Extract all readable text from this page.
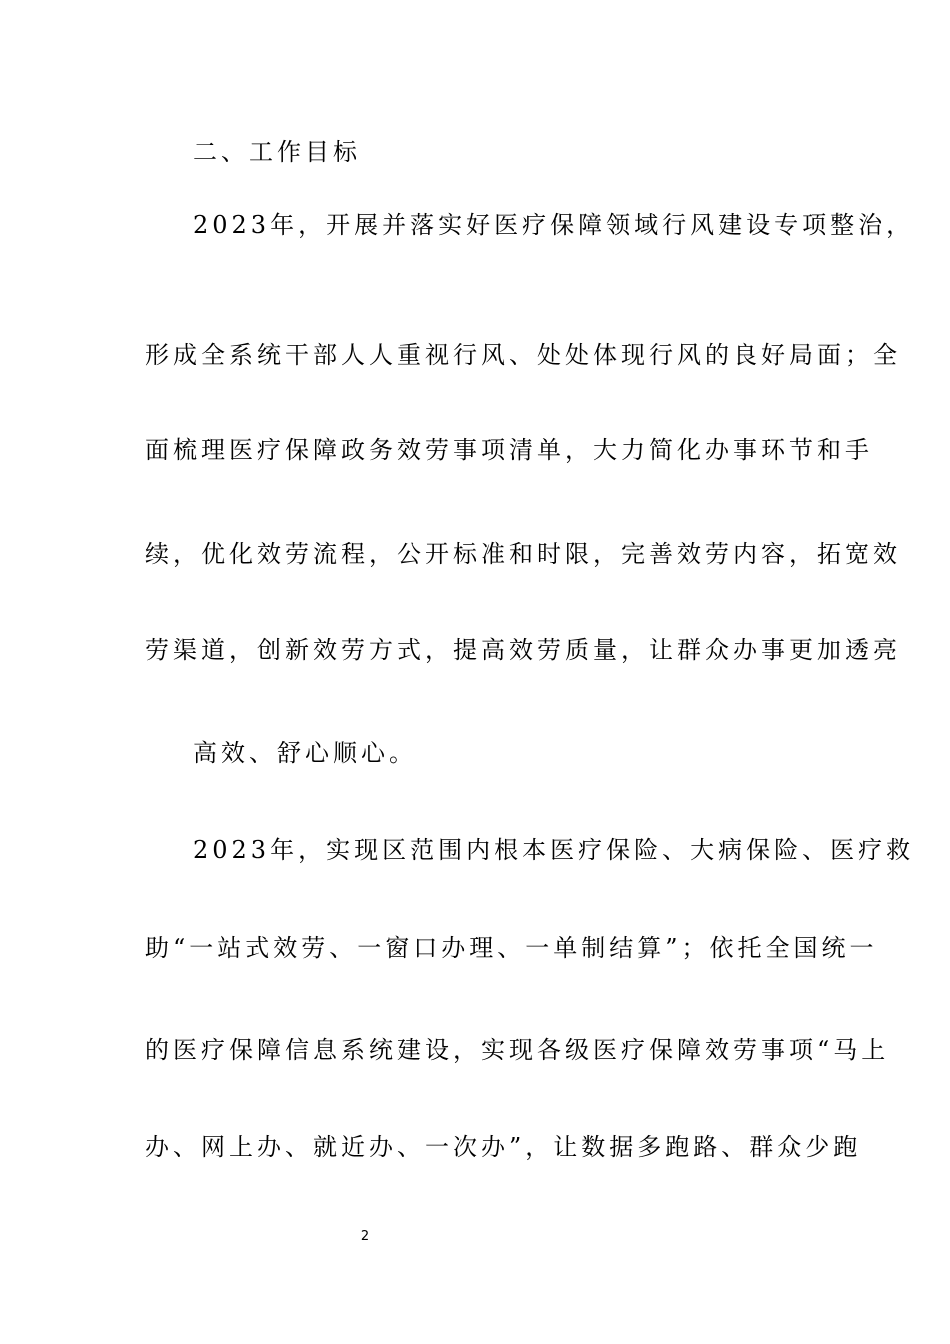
二、工作目标

2023年，开展并落实好医疗保障领域行风建设专项整治，

形成全系统干部人人重视行风、处处体现行风的良好局面；全

面梳理医疗保障政务效劳事项清单，大力简化办事环节和手

续，优化效劳流程，公开标准和时限，完善效劳内容，拓宽效

劳渠道，创新效劳方式，提高效劳质量，让群众办事更加透亮

高效、舒心顺心。

2023年，实现区范围内根本医疗保险、大病保险、医疗救

助“一站式效劳、一窗口办理、一单制结算”；依托全国统一

的医疗保障信息系统建设，实现各级医疗保障效劳事项“马上

办、网上办、就近办、一次办”，让数据多跑路、群众少跑

2
